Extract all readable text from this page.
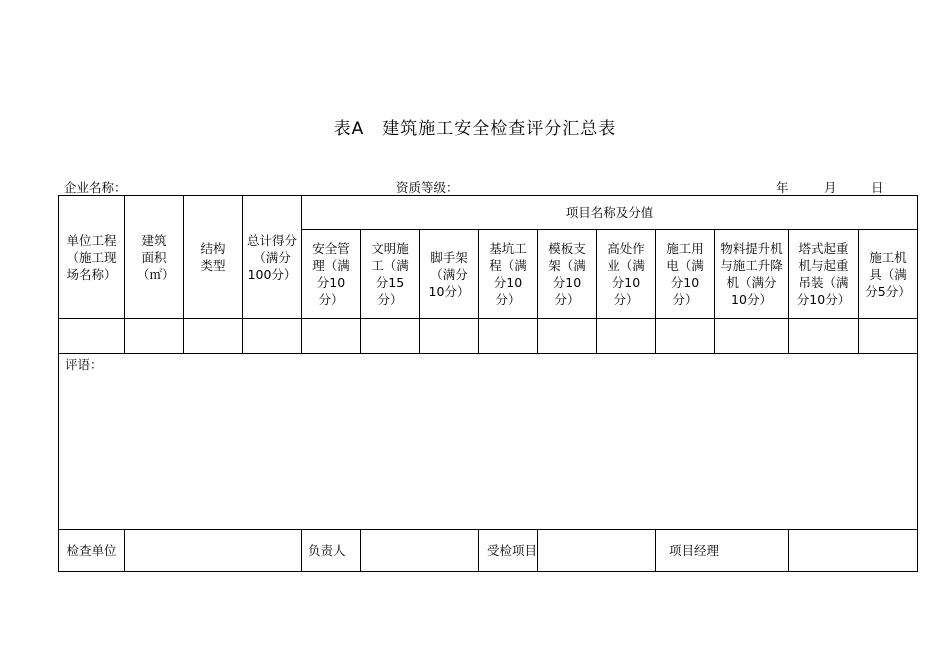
表A　建筑施工安全检查评分汇总表
企业名称：	资质等级：	年	月	日
单位工程（施工现场名称）	建筑面积（㎡）	结构类型	总计得分（满分100分）	项目名称及分值									
				安全管理（满分10分）	文明施工（满分15分）	脚手架（满分10分）	基坑工程（满分10分）	模板支架（满分10分）	高处作业（满分10分）	施工用电（满分10分）	物料提升机与施工升降机（满分10分）	塔式起重机与起重吊装（满分10分）	施工机具（满分5分）

评语：													
检查单位				负责人			受检项目			项目经理			
